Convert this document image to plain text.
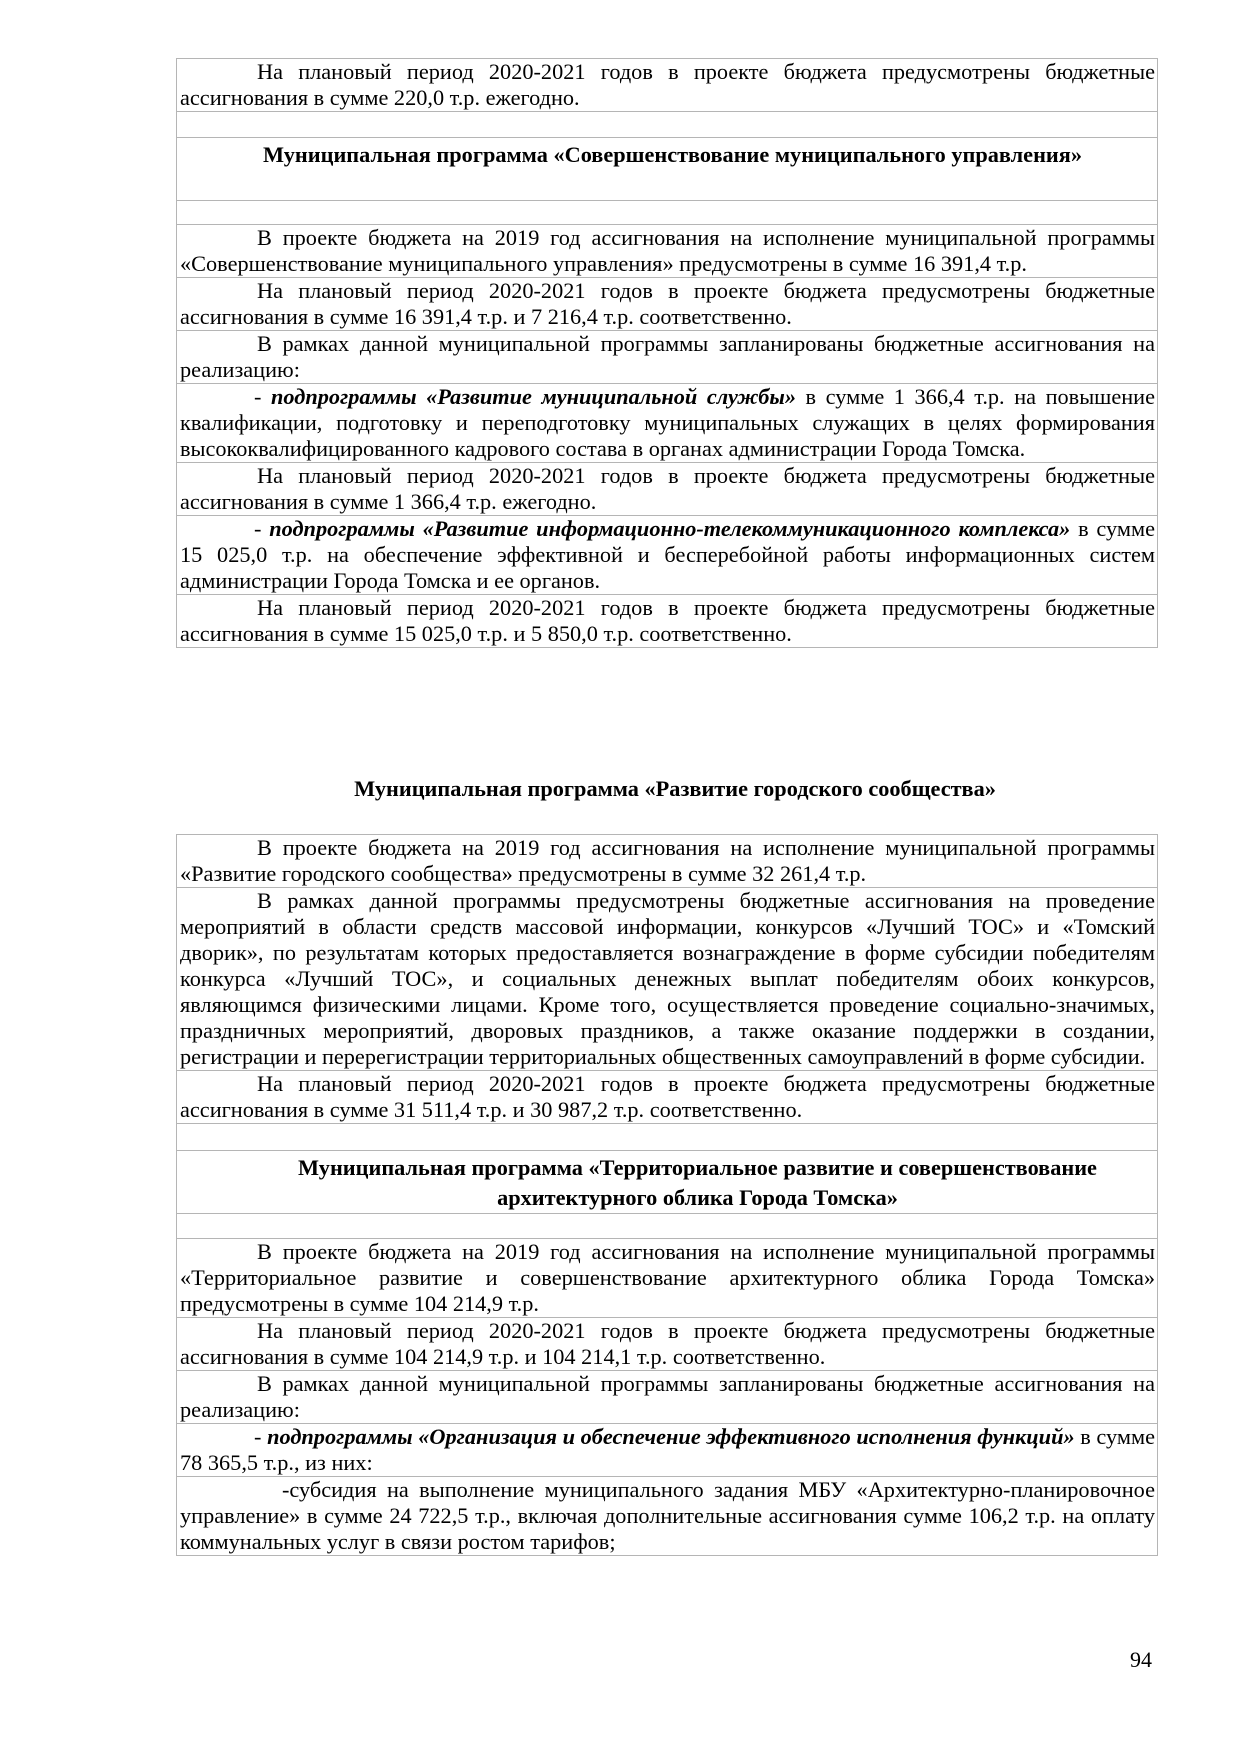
На плановый период 2020-2021 годов в проекте бюджета предусмотрены бюджетные ассигнования в сумме 220,0 т.р. ежегодно.

Муниципальная программа «Совершенствование муниципального управления»

В проекте бюджета на 2019 год ассигнования на исполнение муниципальной программы «Совершенствование муниципального управления» предусмотрены в сумме 16 391,4 т.р.

На плановый период 2020-2021 годов в проекте бюджета предусмотрены бюджетные ассигнования в сумме 16 391,4 т.р. и 7 216,4 т.р. соответственно.

В рамках данной муниципальной программы запланированы бюджетные ассигнования на реализацию:

- подпрограммы «Развитие муниципальной службы» в сумме 1 366,4 т.р. на повышение квалификации, подготовку и переподготовку муниципальных служащих в целях формирования высококвалифицированного кадрового состава в органах администрации Города Томска.

На плановый период 2020-2021 годов в проекте бюджета предусмотрены бюджетные ассигнования в сумме 1 366,4 т.р. ежегодно.

- подпрограммы «Развитие информационно-телекоммуникационного комплекса» в сумме 15 025,0 т.р. на обеспечение эффективной и бесперебойной работы информационных систем администрации Города Томска и ее органов.

На плановый период 2020-2021 годов в проекте бюджета предусмотрены бюджетные ассигнования в сумме 15 025,0 т.р. и 5 850,0 т.р. соответственно.

Муниципальная программа «Развитие городского сообщества»

В проекте бюджета на 2019 год ассигнования на исполнение муниципальной программы «Развитие городского сообщества» предусмотрены в сумме 32 261,4 т.р.

В рамках данной программы предусмотрены бюджетные ассигнования на проведение мероприятий в области средств массовой информации, конкурсов «Лучший ТОС» и «Томский дворик», по результатам которых предоставляется вознаграждение в форме субсидии победителям конкурса «Лучший ТОС», и социальных денежных выплат победителям обоих конкурсов, являющимся физическими лицами. Кроме того, осуществляется проведение социально-значимых, праздничных мероприятий, дворовых праздников, а также оказание поддержки в создании, регистрации и перерегистрации территориальных общественных самоуправлений в форме субсидии.

На плановый период 2020-2021 годов в проекте бюджета предусмотрены бюджетные ассигнования в сумме 31 511,4 т.р. и 30 987,2 т.р. соответственно.

Муниципальная программа «Территориальное развитие и совершенствование архитектурного облика Города Томска»

В проекте бюджета на 2019 год ассигнования на исполнение муниципальной программы «Территориальное развитие и совершенствование архитектурного облика Города Томска» предусмотрены в сумме 104 214,9 т.р.

На плановый период 2020-2021 годов в проекте бюджета предусмотрены бюджетные ассигнования в сумме 104 214,9 т.р. и 104 214,1 т.р. соответственно.

В рамках данной муниципальной программы запланированы бюджетные ассигнования на реализацию:

- подпрограммы «Организация и обеспечение эффективного исполнения функций» в сумме 78 365,5 т.р., из них:

-субсидия на выполнение муниципального задания МБУ «Архитектурно-планировочное управление» в сумме 24 722,5 т.р., включая дополнительные ассигнования сумме 106,2 т.р. на оплату коммунальных услуг в связи ростом тарифов;

94
